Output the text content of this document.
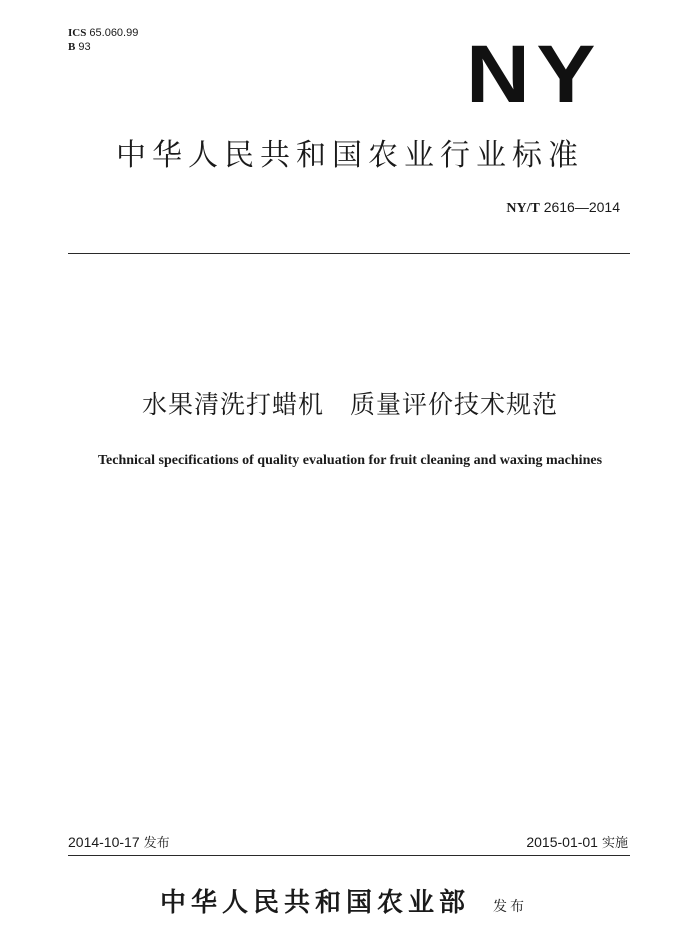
ICS 65.060.99
B 93	NY
中华人民共和国农业行业标准
NY/T 2616—2014
水果清洗打蜡机　质量评价技术规范
Technical specifications of quality evaluation for fruit cleaning and waxing machines
2014-10-17 发布	2015-01-01 实施
中华人民共和国农业部 发布
